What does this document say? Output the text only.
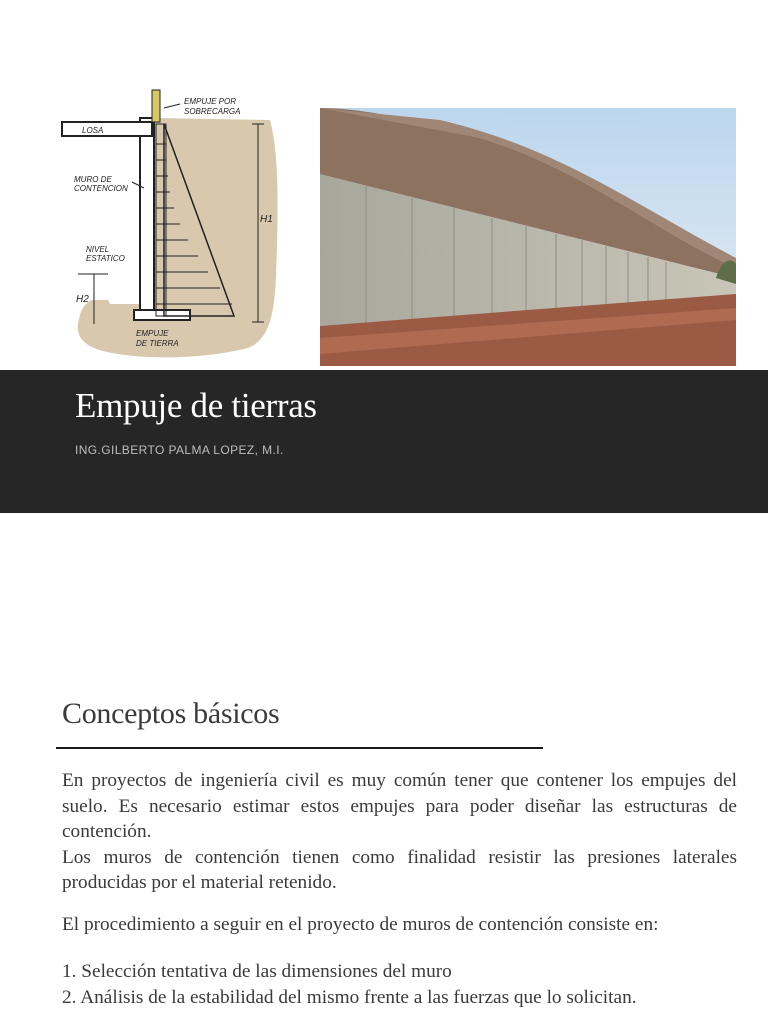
LOSA
MURO DE
CONTENCION
NIVEL
ESTATICO
EMPUJE POR
SOBRECARGA
EMPUJE
DE TIERRA
H1
H2
Empuje de tierras
ING.GILBERTO PALMA LOPEZ, M.I.
Conceptos básicos

En proyectos de ingeniería civil es muy común tener que contener los empujes del suelo. Es necesario estimar estos empujes para poder diseñar las estructuras de contención.

Los muros de contención tienen como finalidad resistir las presiones laterales producidas por el material retenido.

El procedimiento a seguir en el proyecto de muros de contención consiste en:

1. Selección tentativa de las dimensiones del muro

2. Análisis de la estabilidad del mismo frente a las fuerzas que lo solicitan.
